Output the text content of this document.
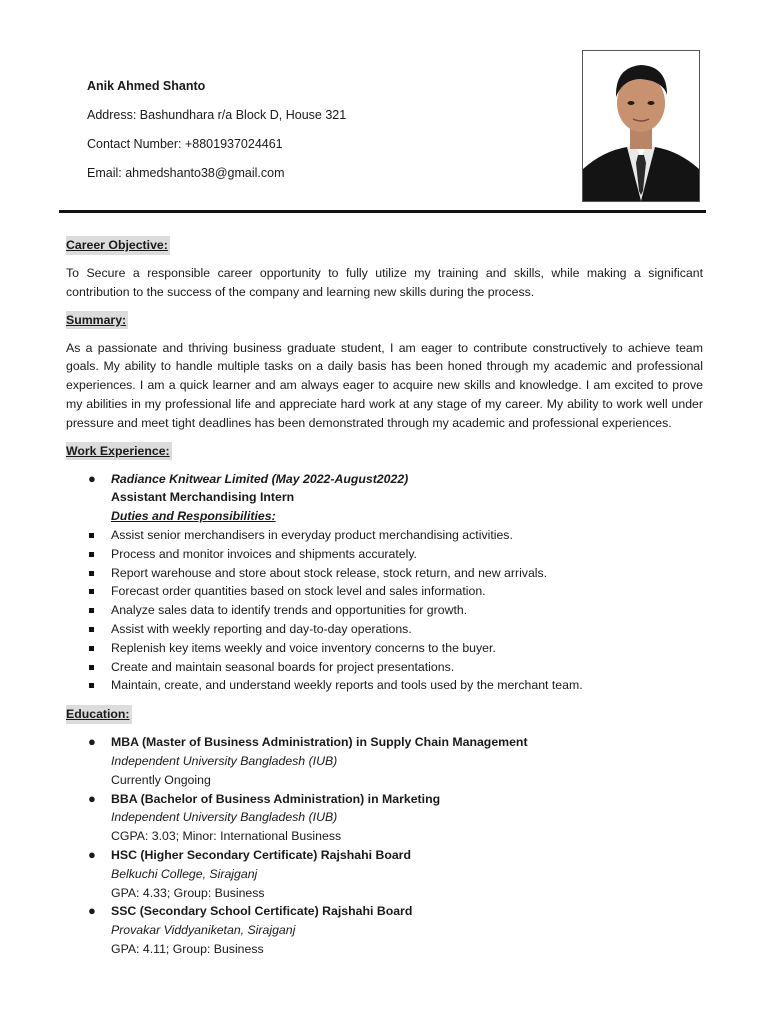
Anik Ahmed Shanto
Address: Bashundhara r/a Block D, House 321
Contact Number: +8801937024461
Email: ahmedshanto38@gmail.com
Career Objective:

To Secure a responsible career opportunity to fully utilize my training and skills, while making a significant contribution to the success of the company and learning new skills during the process.

Summary:

As a passionate and thriving business graduate student, I am eager to contribute constructively to achieve team goals. My ability to handle multiple tasks on a daily basis has been honed through my academic and professional experiences. I am a quick learner and am always eager to acquire new skills and knowledge. I am excited to prove my abilities in my professional life and appreciate hard work at any stage of my career. My ability to work well under pressure and meet tight deadlines has been demonstrated through my academic and professional experiences.

Work Experience:
● Radiance Knitwear Limited (May 2022-August2022)
Assistant Merchandising Intern
Duties and Responsibilities:
Assist senior merchandisers in everyday product merchandising activities.
Process and monitor invoices and shipments accurately.
Report warehouse and store about stock release, stock return, and new arrivals.
Forecast order quantities based on stock level and sales information.
Analyze sales data to identify trends and opportunities for growth.
Assist with weekly reporting and day-to-day operations.
Replenish key items weekly and voice inventory concerns to the buyer.
Create and maintain seasonal boards for project presentations.
Maintain, create, and understand weekly reports and tools used by the merchant team.
Education:
● MBA (Master of Business Administration) in Supply Chain Management
Independent University Bangladesh (IUB)
Currently Ongoing
● BBA (Bachelor of Business Administration) in Marketing
Independent University Bangladesh (IUB)
CGPA: 3.03; Minor: International Business
● HSC (Higher Secondary Certificate) Rajshahi Board
Belkuchi College, Sirajganj
GPA: 4.33; Group: Business
● SSC (Secondary School Certificate) Rajshahi Board
Provakar Viddyaniketan, Sirajganj
GPA: 4.11; Group: Business
